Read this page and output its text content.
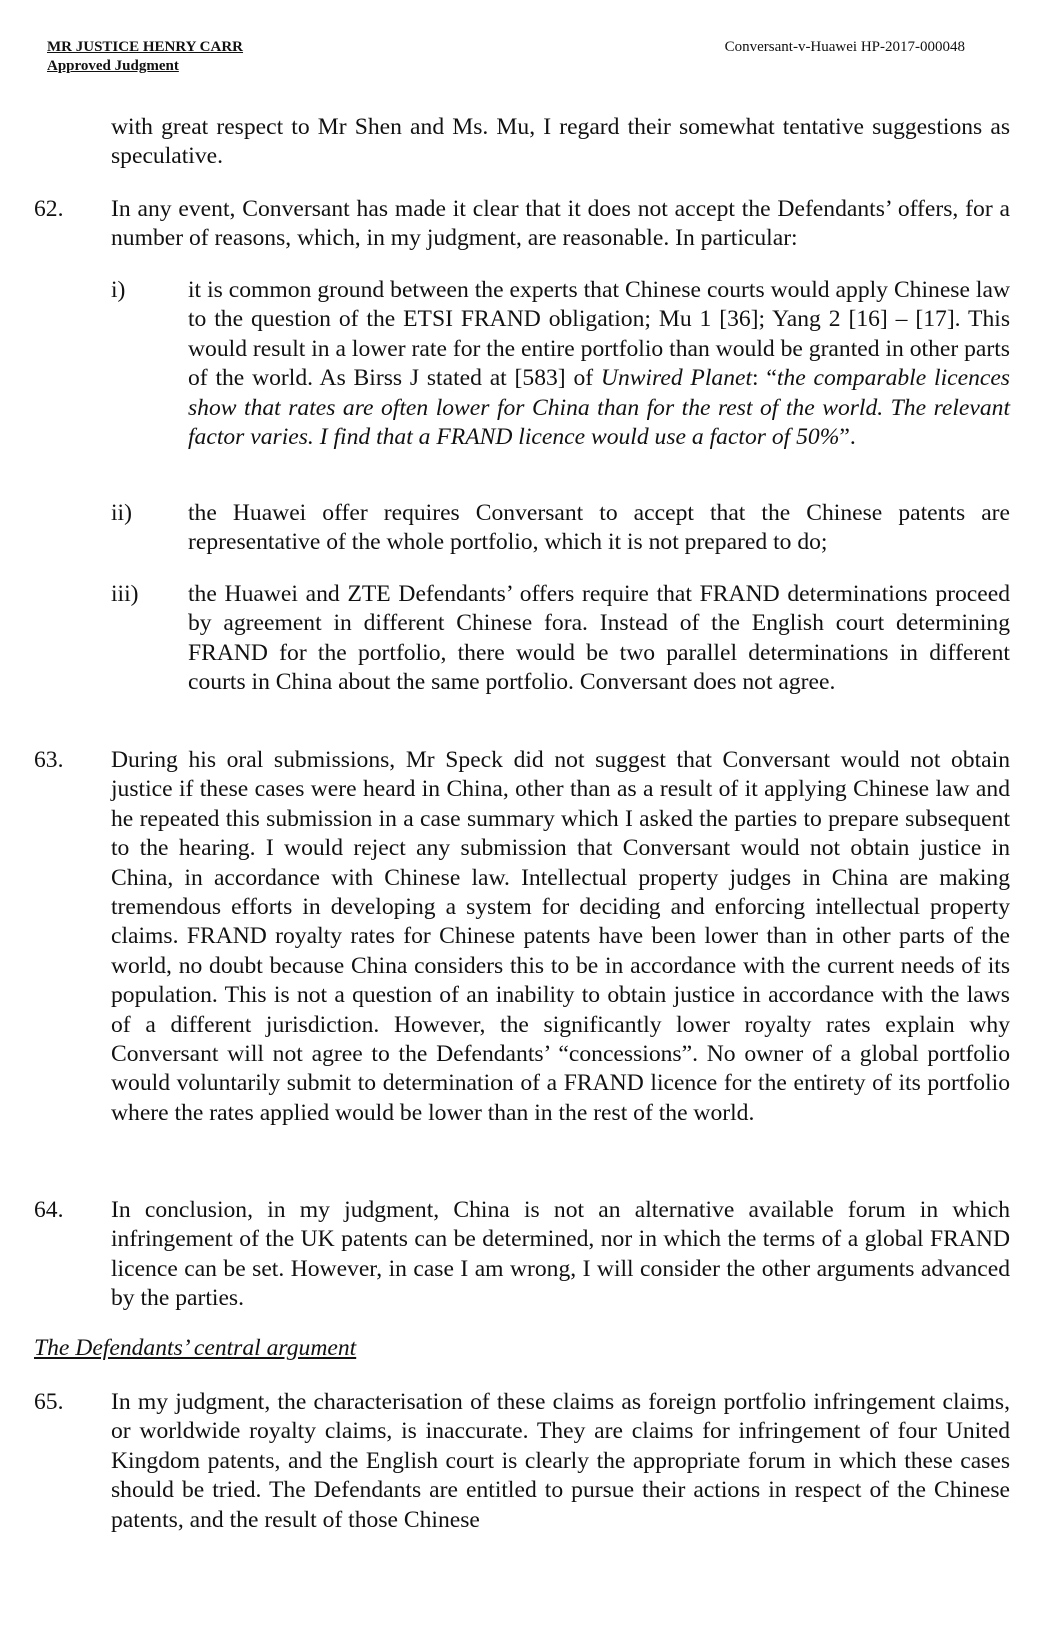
MR JUSTICE HENRY CARR
Approved Judgment
Conversant-v-Huawei HP-2017-000048

with great respect to Mr Shen and Ms. Mu, I regard their somewhat tentative suggestions as speculative.

62. In any event, Conversant has made it clear that it does not accept the Defendants’ offers, for a number of reasons, which, in my judgment, are reasonable. In particular:

i)	it is common ground between the experts that Chinese courts would apply Chinese law to the question of the ETSI FRAND obligation; Mu 1 [36]; Yang 2 [16] – [17]. This would result in a lower rate for the entire portfolio than would be granted in other parts of the world. As Birss J stated at [583] of Unwired Planet: “the comparable licences show that rates are often lower for China than for the rest of the world. The relevant factor varies. I find that a FRAND licence would use a factor of 50%”.

ii) the Huawei offer requires Conversant to accept that the Chinese patents are representative of the whole portfolio, which it is not prepared to do;

iii) the Huawei and ZTE Defendants’ offers require that FRAND determinations proceed by agreement in different Chinese fora. Instead of the English court determining FRAND for the portfolio, there would be two parallel determinations in different courts in China about the same portfolio. Conversant does not agree.

63. During his oral submissions, Mr Speck did not suggest that Conversant would not obtain justice if these cases were heard in China, other than as a result of it applying Chinese law and he repeated this submission in a case summary which I asked the parties to prepare subsequent to the hearing. I would reject any submission that Conversant would not obtain justice in China, in accordance with Chinese law. Intellectual property judges in China are making tremendous efforts in developing a system for deciding and enforcing intellectual property claims. FRAND royalty rates for Chinese patents have been lower than in other parts of the world, no doubt because China considers this to be in accordance with the current needs of its population. This is not a question of an inability to obtain justice in accordance with the laws of a different jurisdiction. However, the significantly lower royalty rates explain why Conversant will not agree to the Defendants’ “concessions”. No owner of a global portfolio would voluntarily submit to determination of a FRAND licence for the entirety of its portfolio where the rates applied would be lower than in the rest of the world.

64. In conclusion, in my judgment, China is not an alternative available forum in which infringement of the UK patents can be determined, nor in which the terms of a global FRAND licence can be set. However, in case I am wrong, I will consider the other arguments advanced by the parties.

The Defendants’ central argument
65. In my judgment, the characterisation of these claims as foreign portfolio infringement claims, or worldwide royalty claims, is inaccurate. They are claims for infringement of four United Kingdom patents, and the English court is clearly the appropriate forum in which these cases should be tried. The Defendants are entitled to pursue their actions in respect of the Chinese patents, and the result of those Chinese
